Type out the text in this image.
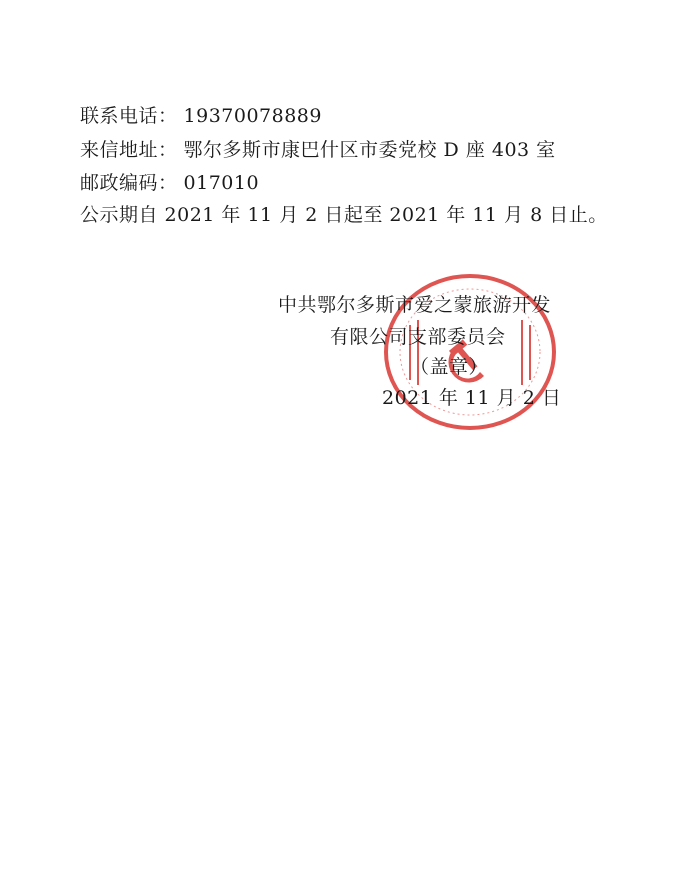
联系电话： 19370078889
来信地址： 鄂尔多斯市康巴什区市委党校 D 座 403 室
邮政编码： 017010
公示期自 2021 年 11 月 2 日起至 2021 年 11 月 8 日止。
中共鄂尔多斯市爱之蒙旅游开发
有限公司支部委员会
（盖章）
2021 年 11 月 2 日
